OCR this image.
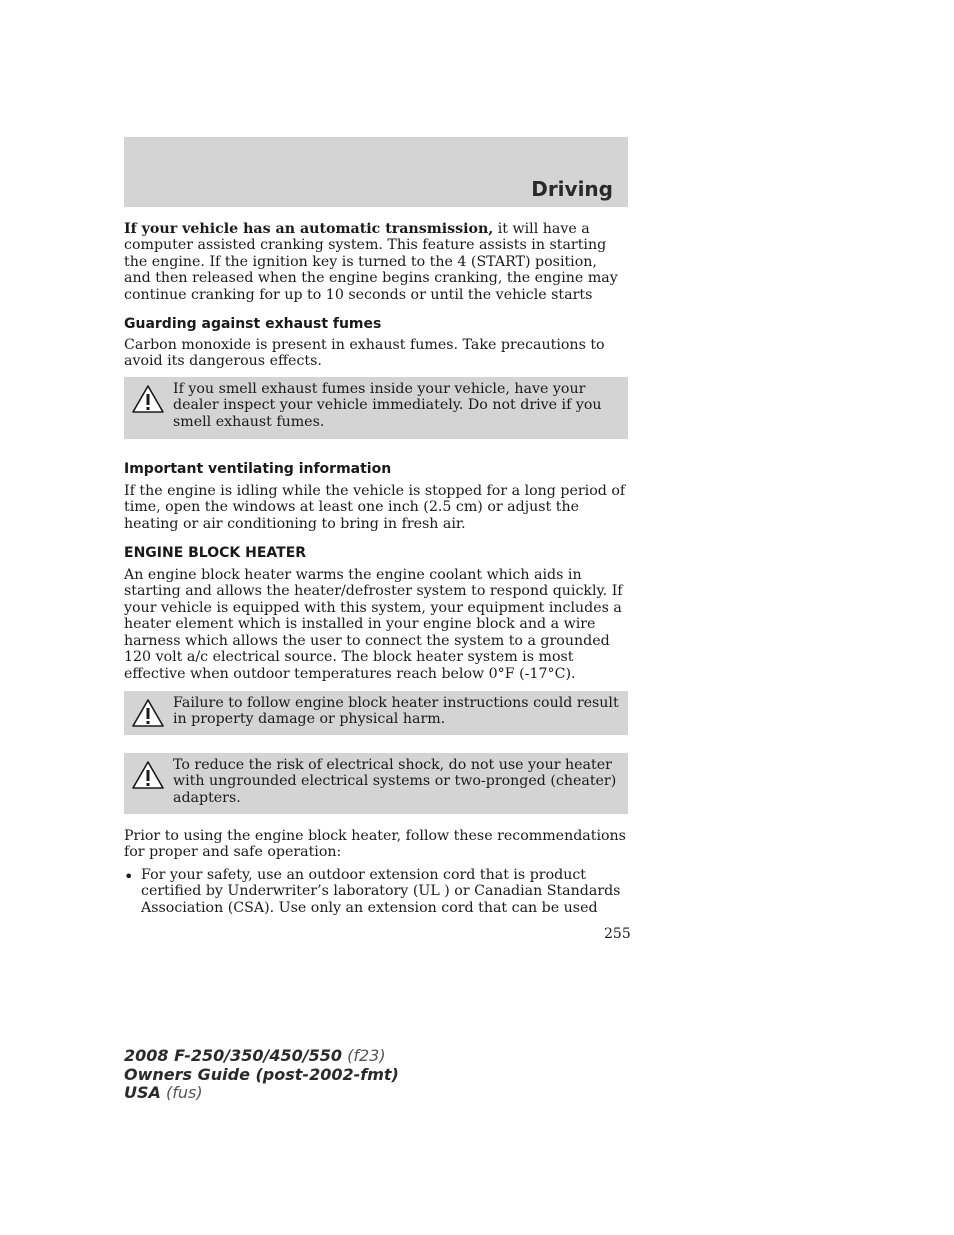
Driving

If your vehicle has an automatic transmission, it will have a computer assisted cranking system. This feature assists in starting the engine. If the ignition key is turned to the 4 (START) position, and then released when the engine begins cranking, the engine may continue cranking for up to 10 seconds or until the vehicle starts

Guarding against exhaust fumes

Carbon monoxide is present in exhaust fumes. Take precautions to avoid its dangerous effects.

If you smell exhaust fumes inside your vehicle, have your dealer inspect your vehicle immediately. Do not drive if you smell exhaust fumes.
Important ventilating information

If the engine is idling while the vehicle is stopped for a long period of time, open the windows at least one inch (2.5 cm) or adjust the heating or air conditioning to bring in fresh air.

ENGINE BLOCK HEATER

An engine block heater warms the engine coolant which aids in starting and allows the heater/defroster system to respond quickly. If your vehicle is equipped with this system, your equipment includes a heater element which is installed in your engine block and a wire harness which allows the user to connect the system to a grounded 120 volt a/c electrical source. The block heater system is most effective when outdoor temperatures reach below 0°F (-17°C).

Failure to follow engine block heater instructions could result in property damage or physical harm.
To reduce the risk of electrical shock, do not use your heater with ungrounded electrical systems or two-pronged (cheater) adapters.

Prior to using the engine block heater, follow these recommendations for proper and safe operation:

• For your safety, use an outdoor extension cord that is product certified by Underwriter’s laboratory (UL ) or Canadian Standards Association (CSA). Use only an extension cord that can be used

255
2008 F-250/350/450/550 (f23)
Owners Guide (post-2002-fmt)
USA (fus)
